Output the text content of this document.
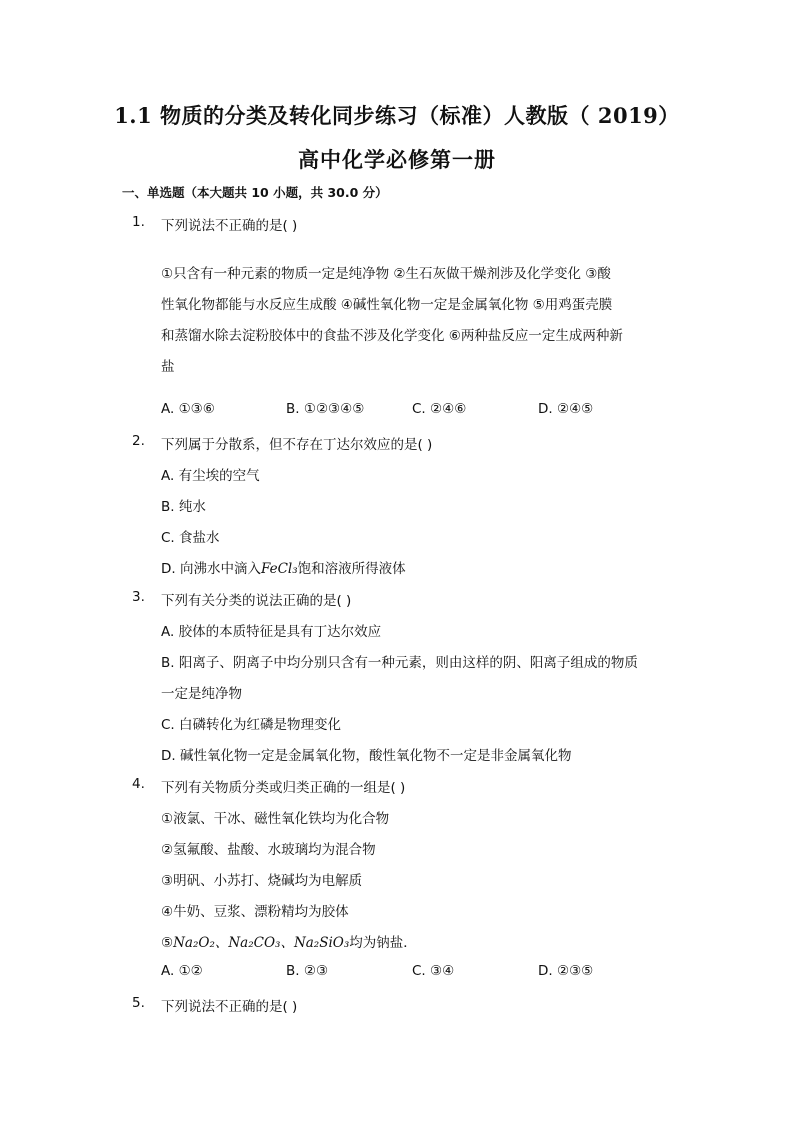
1.1 物质的分类及转化同步练习（标准）人教版（ 2019）
高中化学必修第一册
一、单选题（本大题共 10 小题，共 30.0 分）
1. 下列说法不正确的是( )
①只含有一种元素的物质一定是纯净物 ②生石灰做干燥剂涉及化学变化 ③酸
性氧化物都能与水反应生成酸 ④碱性氧化物一定是金属氧化物 ⑤用鸡蛋壳膜
和蒸馏水除去淀粉胶体中的食盐不涉及化学变化 ⑥两种盐反应一定生成两种新
盐
A. ①③⑥	B. ①②③④⑤	C. ②④⑥	D. ②④⑤
2. 下列属于分散系，但不存在丁达尔效应的是( )
A. 有尘埃的空气
B. 纯水
C. 食盐水
D. 向沸水中滴入FeCl₃饱和溶液所得液体
3. 下列有关分类的说法正确的是( )
A. 胶体的本质特征是具有丁达尔效应
B. 阳离子、阴离子中均分别只含有一种元素，则由这样的阴、阳离子组成的物质
一定是纯净物
C. 白磷转化为红磷是物理变化
D. 碱性氧化物一定是金属氧化物，酸性氧化物不一定是非金属氧化物
4. 下列有关物质分类或归类正确的一组是( )
①液氯、干冰、磁性氧化铁均为化合物
②氢氟酸、盐酸、水玻璃均为混合物
③明矾、小苏打、烧碱均为电解质
④牛奶、豆浆、漂粉精均为胶体
⑤Na₂O₂、Na₂CO₃、Na₂SiO₃均为钠盐．
A. ①②	B. ②③	C. ③④	D. ②③⑤
5. 下列说法不正确的是( )
